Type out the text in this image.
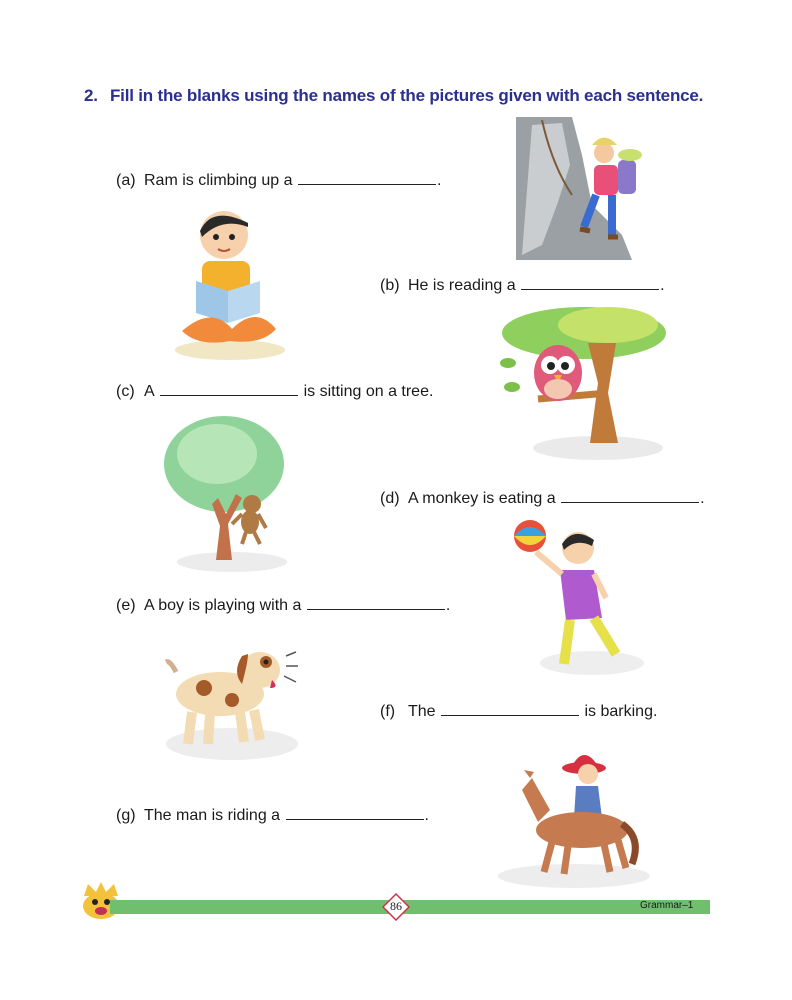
2. Fill in the blanks using the names of the pictures given with each sentence.
(a) Ram is climbing up a	.
(b) He is reading a	.
(c) A	is sitting on a tree.
(d) A monkey is eating a	.
(e) A boy is playing with a	.
(f) The	is barking.
(g) The man is riding a	.
86	Grammar–1
